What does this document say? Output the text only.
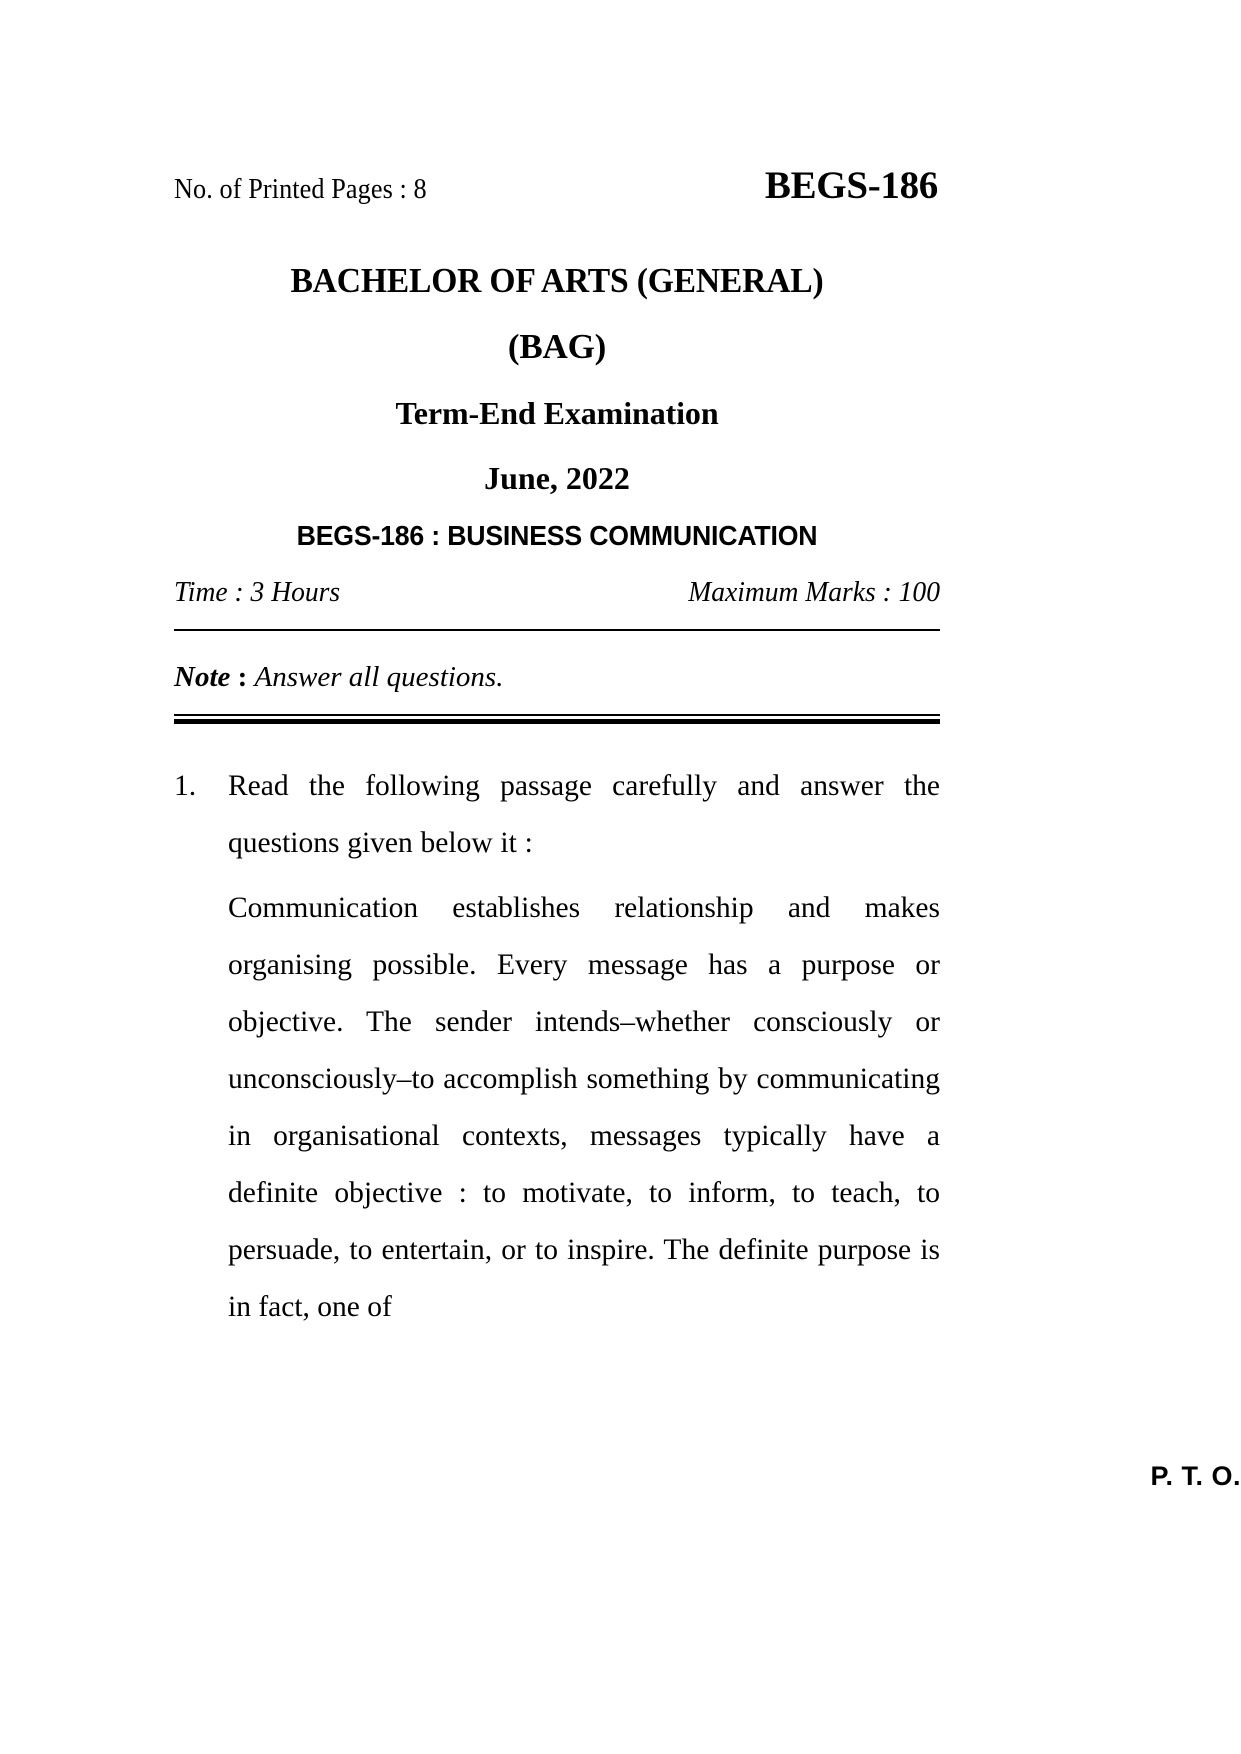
No. of Printed Pages : 8	BEGS-186
BACHELOR OF ARTS (GENERAL)
(BAG)
Term-End Examination
June, 2022
BEGS-186 : BUSINESS COMMUNICATION
Time : 3 Hours	Maximum Marks : 100
Note : Answer all questions.
1.	Read the following passage carefully and answer the questions given below it :
Communication establishes relationship and makes organising possible. Every message has a purpose or objective. The sender intends–whether consciously or unconsciously–to accomplish something by communicating in organisational contexts, messages typically have a definite objective : to motivate, to inform, to teach, to persuade, to entertain, or to inspire. The definite purpose is in fact, one of
P. T. O.
